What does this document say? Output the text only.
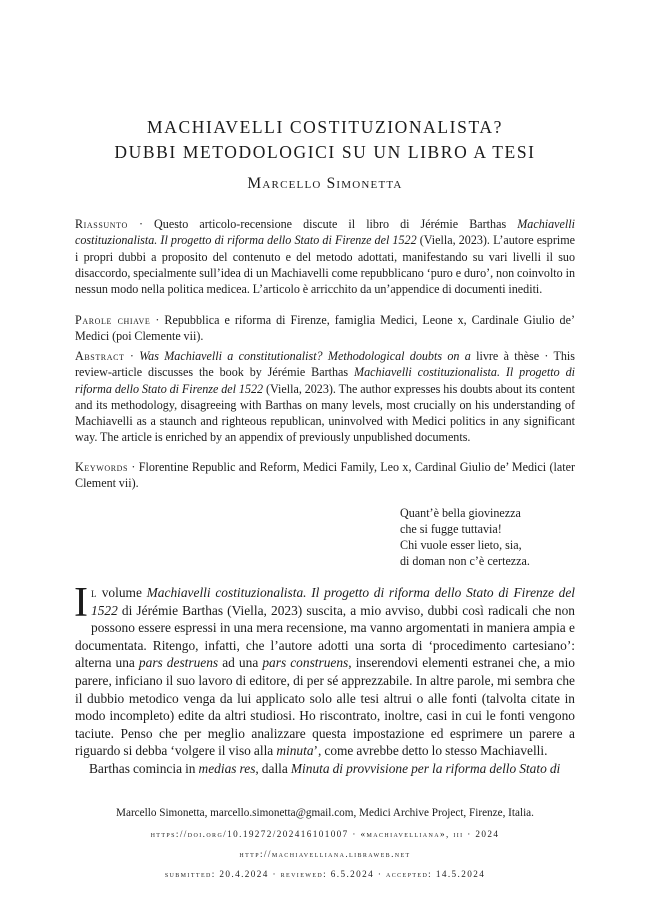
MACHIAVELLI COSTITUZIONALISTA?
DUBBI METODOLOGICI SU UN LIBRO A TESI
Marcello Simonetta
Riassunto · Questo articolo-recensione discute il libro di Jérémie Barthas Machiavelli costituzionalista. Il progetto di riforma dello Stato di Firenze del 1522 (Viella, 2023). L’autore esprime i propri dubbi a proposito del contenuto e del metodo adottati, manifestando su vari livelli il suo disaccordo, specialmente sull’idea di un Machiavelli come repubblicano ‘puro e duro’, non coinvolto in nessun modo nella politica medicea. L’articolo è arricchito da un’appendice di documenti inediti.
Parole chiave · Repubblica e riforma di Firenze, famiglia Medici, Leone x, Cardinale Giulio de’ Medici (poi Clemente vii).
Abstract · Was Machiavelli a constitutionalist? Methodological doubts on a livre à thèse · This review-article discusses the book by Jérémie Barthas Machiavelli costituzionalista. Il progetto di riforma dello Stato di Firenze del 1522 (Viella, 2023). The author expresses his doubts about its content and its methodology, disagreeing with Barthas on many levels, most crucially on his understanding of Machiavelli as a staunch and righteous republican, uninvolved with Medici politics in any significant way. The article is enriched by an appendix of previously unpublished documents.
Keywords · Florentine Republic and Reform, Medici Family, Leo x, Cardinal Giulio de’ Medici (later Clement vii).
Quant’è bella giovinezza
che si fugge tuttavia!
Chi vuole esser lieto, sia,
di doman non c’è certezza.
Il volume Machiavelli costituzionalista. Il progetto di riforma dello Stato di Firenze del 1522 di Jérémie Barthas (Viella, 2023) suscita, a mio avviso, dubbi così radicali che non possono essere espressi in una mera recensione, ma vanno argomentati in maniera ampia e documentata. Ritengo, infatti, che l’autore adotti una sorta di ‘procedimento cartesiano’: alterna una pars destruens ad una pars construens, inserendovi elementi estranei che, a mio parere, inficiano il suo lavoro di editore, di per sé apprezzabile. In altre parole, mi sembra che il dubbio metodico venga da lui applicato solo alle tesi altrui o alle fonti (talvolta citate in modo incompleto) edite da altri studiosi. Ho riscontrato, inoltre, casi in cui le fonti vengono taciute. Penso che per meglio analizzare questa impostazione ed esprimere un parere a riguardo si debba ‘volgere il viso alla minuta’, come avrebbe detto lo stesso Machiavelli.
Barthas comincia in medias res, dalla Minuta di provvisione per la riforma dello Stato di
Marcello Simonetta, marcello.simonetta@gmail.com, Medici Archive Project, Firenze, Italia.
https://doi.org/10.19272/202416101007 · «machiavelliana», iii · 2024
http://machiavelliana.libraweb.net
submitted: 20.4.2024 · reviewed: 6.5.2024 · accepted: 14.5.2024
